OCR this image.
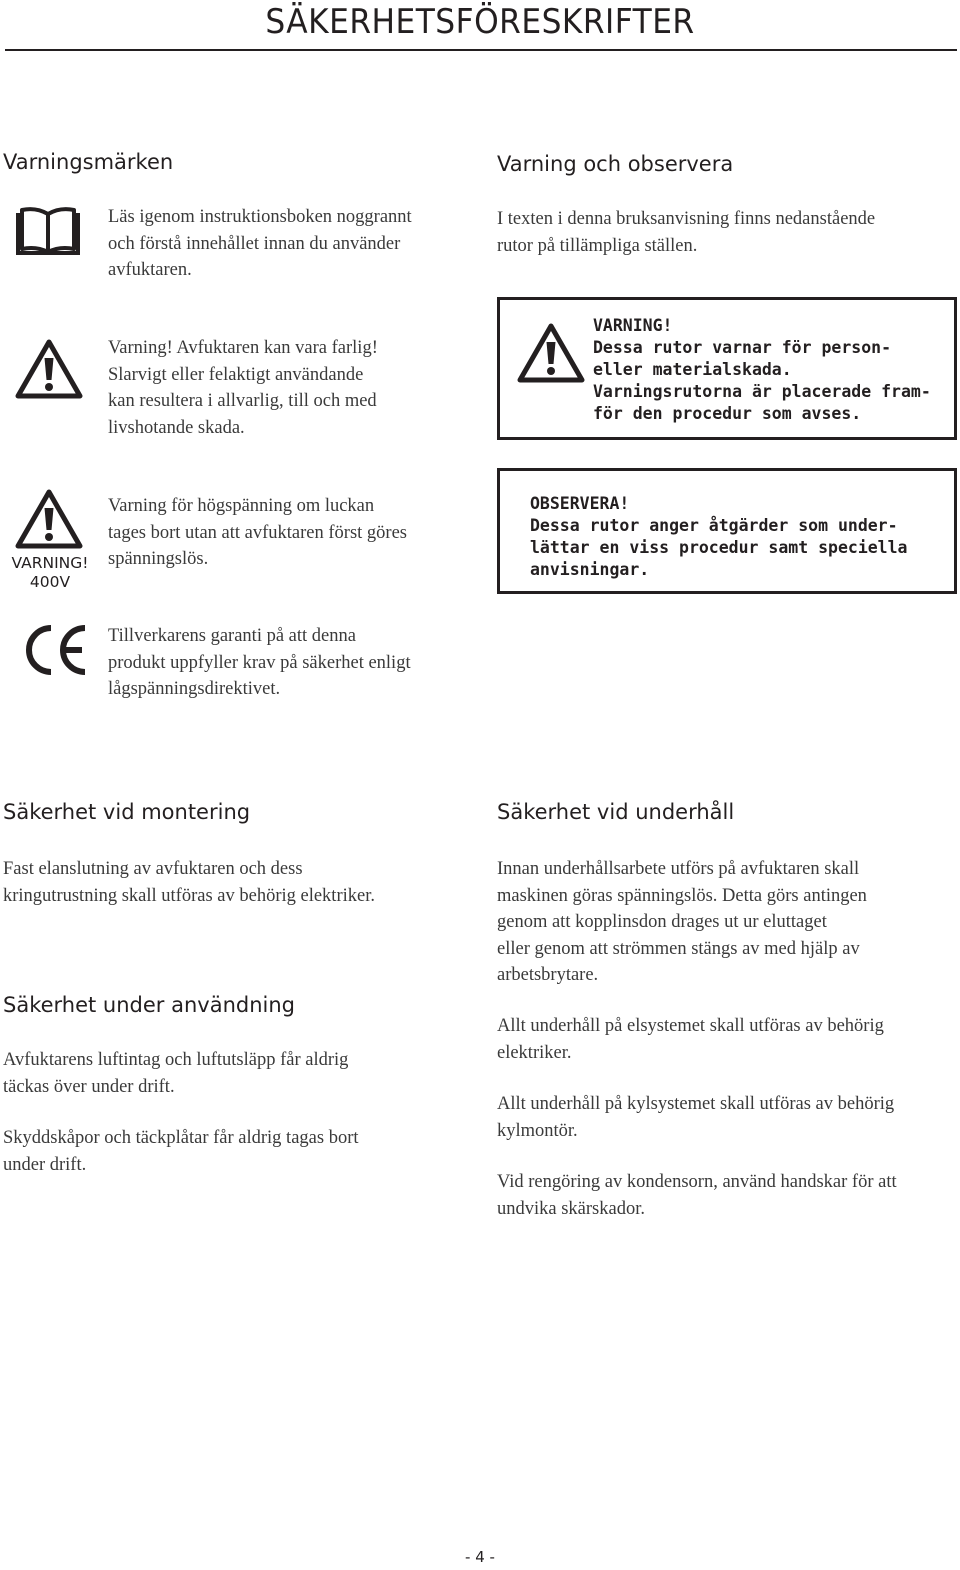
SÄKERHETSFÖRESKRIFTER
Varningsmärken
Läs igenom instruktionsboken noggrannt
och förstå innehållet innan du använder
avfuktaren.
Varning! Avfuktaren kan vara farlig!
Slarvigt eller felaktigt användande
kan resultera i allvarlig, till och med
livshotande skada.
VARNING!
400V
Varning för högspänning om luckan
tages bort utan att avfuktaren först göres
spänningslös.
Tillverkarens garanti på att denna
produkt uppfyller krav på säkerhet enligt
lågspänningsdirektivet.
Varning och observera
I texten i denna bruksanvisning finns nedanstående
rutor på tillämpliga ställen.
VARNING!
Dessa rutor varnar för person-
eller materialskada.
Varningsrutorna är placerade fram-
för den procedur som avses.
OBSERVERA!
Dessa rutor anger åtgärder som under-
lättar en viss procedur samt speciella
anvisningar.
Säkerhet vid montering
Fast elanslutning av avfuktaren och dess
kringutrustning skall utföras av behörig elektriker.
Säkerhet under användning
Avfuktarens luftintag och luftutsläpp får aldrig
täckas över under drift.
Skyddskåpor och täckplåtar får aldrig tagas bort
under drift.
Säkerhet vid underhåll
Innan underhållsarbete utförs på avfuktaren skall
maskinen göras spänningslös. Detta görs antingen
genom att kopplinsdon drages ut ur eluttaget
eller genom att strömmen stängs av med hjälp av
arbetsbrytare.
Allt underhåll på elsystemet skall utföras av behörig
elektriker.
Allt underhåll på kylsystemet skall utföras av behörig
kylmontör.
Vid rengöring av kondensorn, använd handskar för att
undvika skärskador.
- 4 -
